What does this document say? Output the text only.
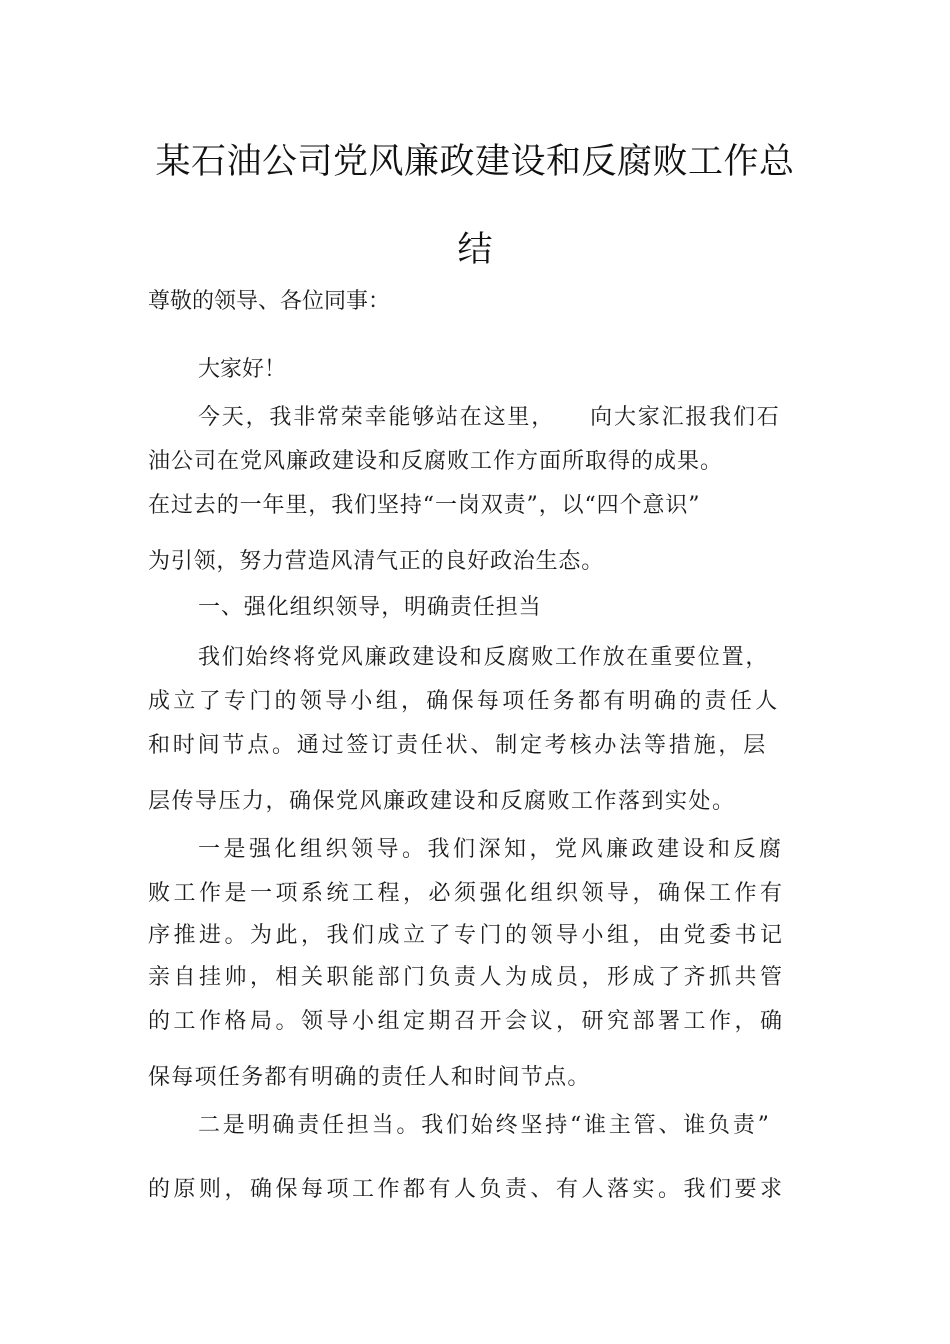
某石油公司党风廉政建设和反腐败工作总
结

尊敬的领导、各位同事：

大家好！

今天，我非常荣幸能够站在这里，    向大家汇报我们石

油公司在党风廉政建设和反腐败工作方面所取得的成果。

在过去的一年里，我们坚持“一岗双责”，以“四个意识”

为引领，努力营造风清气正的良好政治生态。

一、强化组织领导，明确责任担当

我们始终将党风廉政建设和反腐败工作放在重要位置，

成立了专门的领导小组，确保每项任务都有明确的责任人

和时间节点。通过签订责任状、制定考核办法等措施，层

层传导压力，确保党风廉政建设和反腐败工作落到实处。

一是强化组织领导。我们深知，党风廉政建设和反腐

败工作是一项系统工程，必须强化组织领导，确保工作有

序推进。为此，我们成立了专门的领导小组，由党委书记

亲自挂帅，相关职能部门负责人为成员，形成了齐抓共管

的工作格局。领导小组定期召开会议，研究部署工作，确

保每项任务都有明确的责任人和时间节点。

二是明确责任担当。我们始终坚持“谁主管、谁负责”

的原则，确保每项工作都有人负责、有人落实。我们要求
